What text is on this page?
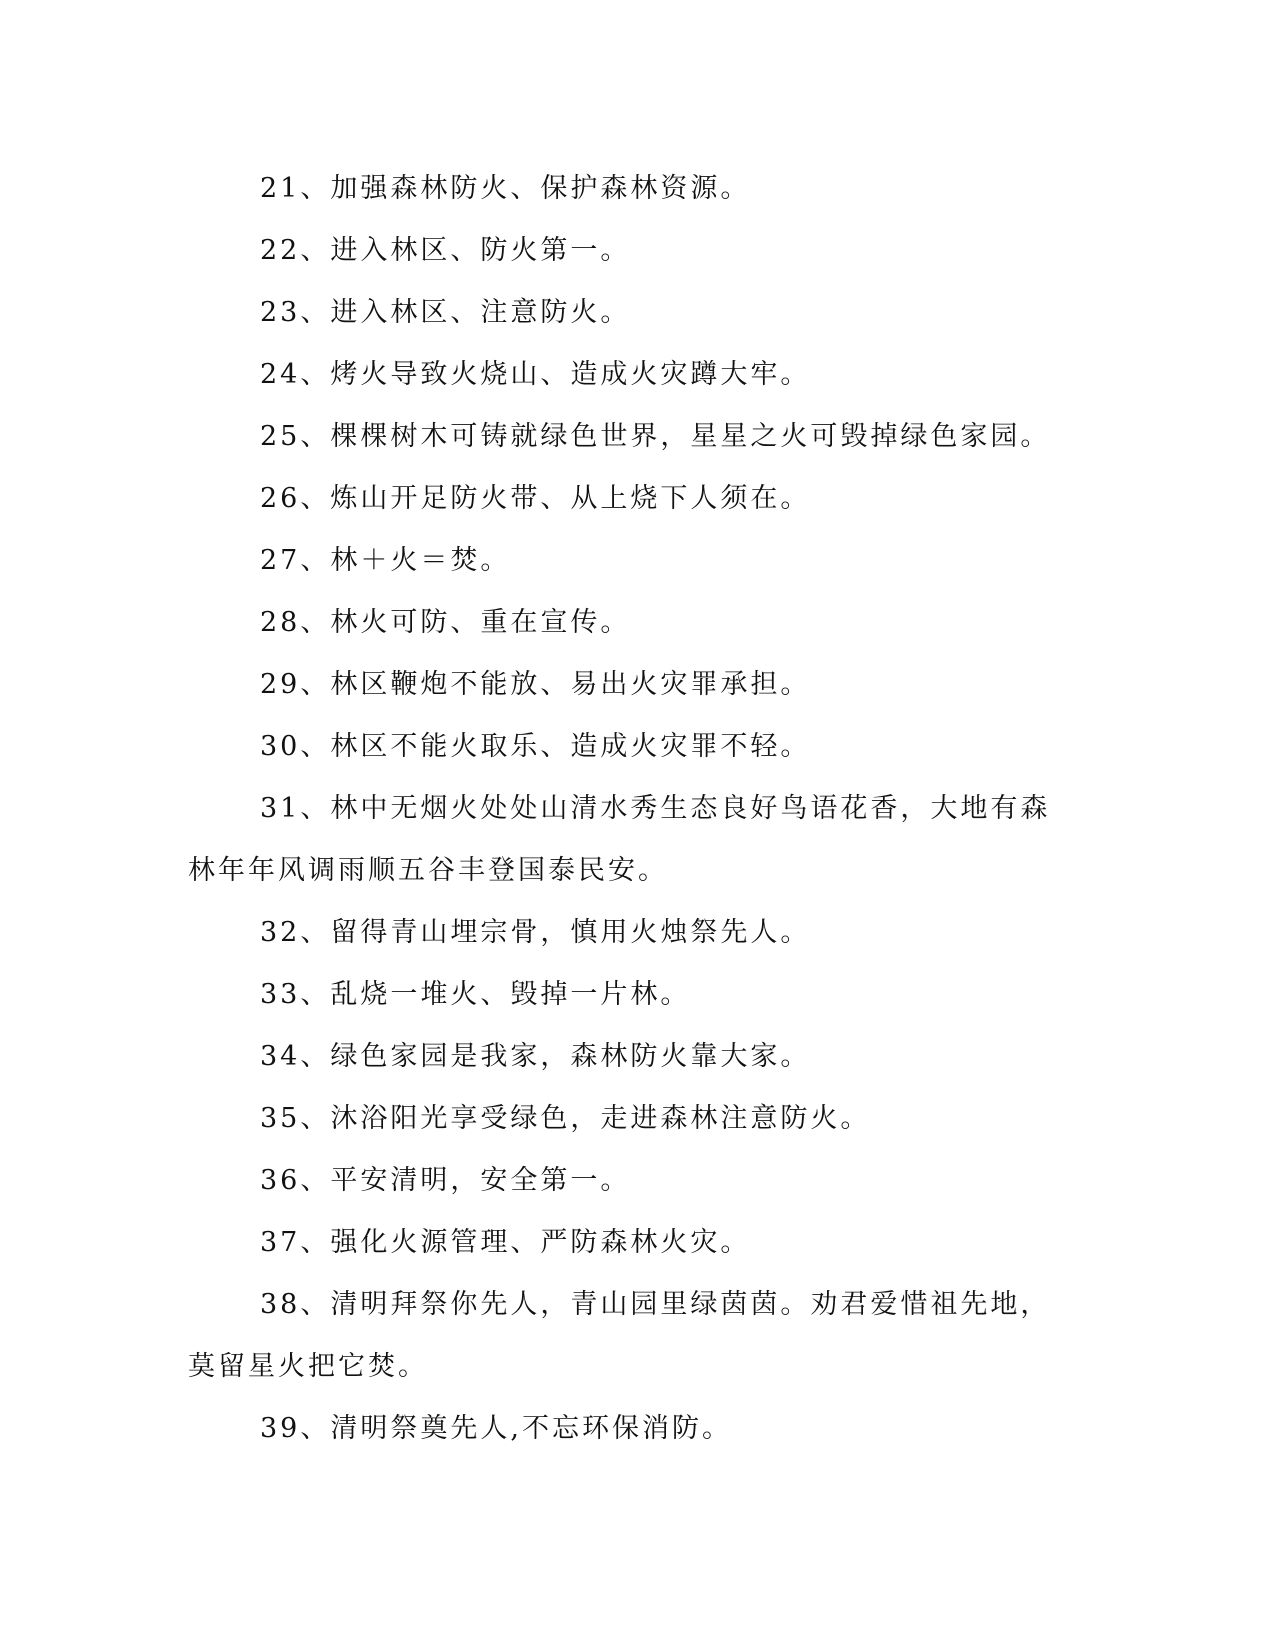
21、加强森林防火、保护森林资源。

22、进入林区、防火第一。

23、进入林区、注意防火。

24、烤火导致火烧山、造成火灾蹲大牢。

25、棵棵树木可铸就绿色世界，星星之火可毁掉绿色家园。

26、炼山开足防火带、从上烧下人须在。

27、林＋火＝焚。

28、林火可防、重在宣传。

29、林区鞭炮不能放、易出火灾罪承担。

30、林区不能火取乐、造成火灾罪不轻。

31、林中无烟火处处山清水秀生态良好鸟语花香，大地有森林年年风调雨顺五谷丰登国泰民安。

32、留得青山埋宗骨，慎用火烛祭先人。

33、乱烧一堆火、毁掉一片林。

34、绿色家园是我家，森林防火靠大家。

35、沐浴阳光享受绿色，走进森林注意防火。

36、平安清明，安全第一。

37、强化火源管理、严防森林火灾。

38、清明拜祭你先人，青山园里绿茵茵。劝君爱惜祖先地，莫留星火把它焚。

39、清明祭奠先人,不忘环保消防。
